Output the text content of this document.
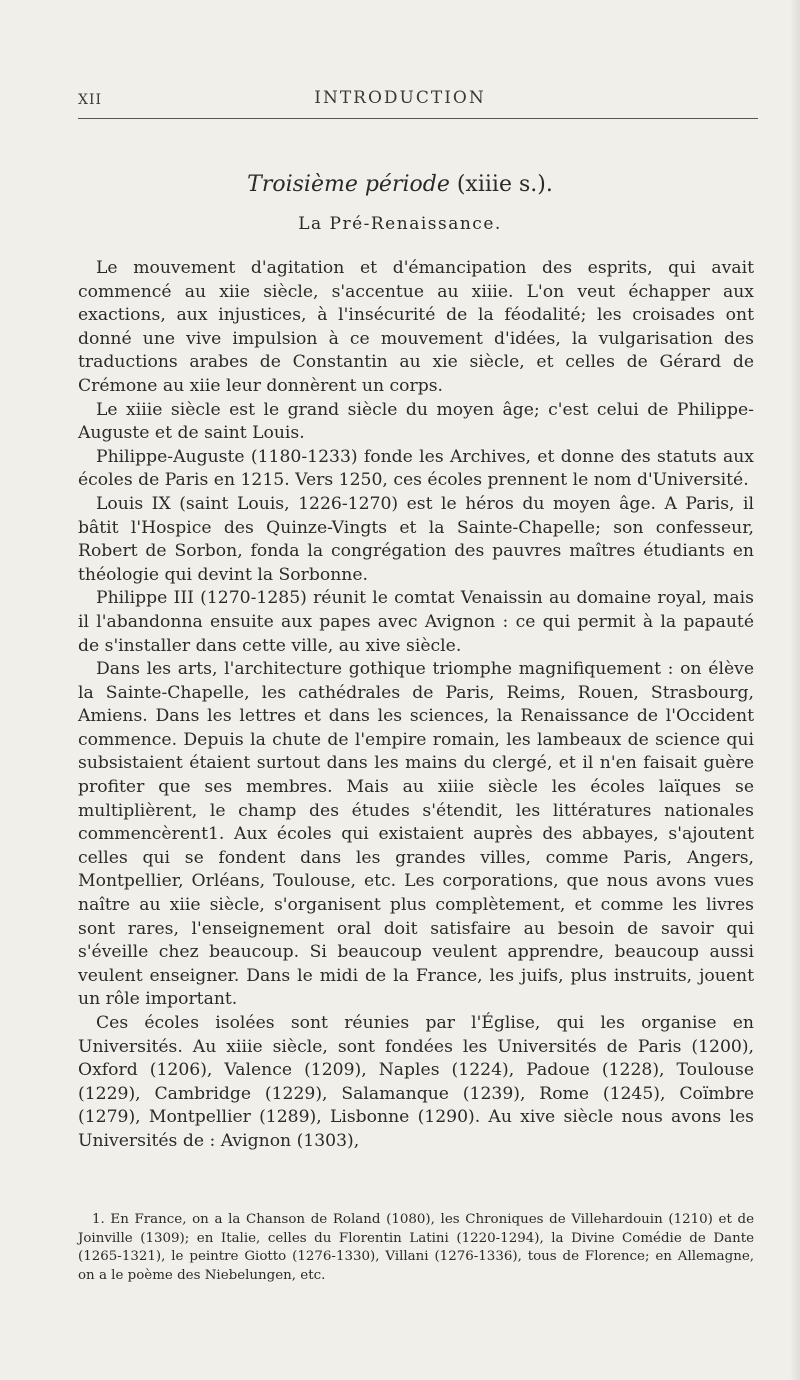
XII	INTRODUCTION
Troisième période (xiiie s.).
La Pré-Renaissance.

Le mouvement d'agitation et d'émancipation des esprits, qui avait commencé au xiie siècle, s'accentue au xiiie. L'on veut échapper aux exactions, aux injustices, à l'insécurité de la féodalité; les croisades ont donné une vive impulsion à ce mouvement d'idées, la vulgarisation des traductions arabes de Constantin au xie siècle, et celles de Gérard de Crémone au xiie leur donnèrent un corps.

Le xiiie siècle est le grand siècle du moyen âge; c'est celui de Philippe-Auguste et de saint Louis.

Philippe-Auguste (1180-1233) fonde les Archives, et donne des statuts aux écoles de Paris en 1215. Vers 1250, ces écoles prennent le nom d'Université.

Louis IX (saint Louis, 1226-1270) est le héros du moyen âge. A Paris, il bâtit l'Hospice des Quinze-Vingts et la Sainte-Chapelle; son confesseur, Robert de Sorbon, fonda la congrégation des pauvres maîtres étudiants en théologie qui devint la Sorbonne.

Philippe III (1270-1285) réunit le comtat Venaissin au domaine royal, mais il l'abandonna ensuite aux papes avec Avignon : ce qui permit à la papauté de s'installer dans cette ville, au xive siècle.

Dans les arts, l'architecture gothique triomphe magnifiquement : on élève la Sainte-Chapelle, les cathédrales de Paris, Reims, Rouen, Strasbourg, Amiens. Dans les lettres et dans les sciences, la Renaissance de l'Occident commence. Depuis la chute de l'empire romain, les lambeaux de science qui subsistaient étaient surtout dans les mains du clergé, et il n'en faisait guère profiter que ses membres. Mais au xiiie siècle les écoles laïques se multiplièrent, le champ des études s'étendit, les littératures nationales commencèrent1. Aux écoles qui existaient auprès des abbayes, s'ajoutent celles qui se fondent dans les grandes villes, comme Paris, Angers, Montpellier, Orléans, Toulouse, etc. Les corporations, que nous avons vues naître au xiie siècle, s'organisent plus complètement, et comme les livres sont rares, l'enseignement oral doit satisfaire au besoin de savoir qui s'éveille chez beaucoup. Si beaucoup veulent apprendre, beaucoup aussi veulent enseigner. Dans le midi de la France, les juifs, plus instruits, jouent un rôle important.

Ces écoles isolées sont réunies par l'Église, qui les organise en Universités. Au xiiie siècle, sont fondées les Universités de Paris (1200), Oxford (1206), Valence (1209), Naples (1224), Padoue (1228), Toulouse (1229), Cambridge (1229), Salamanque (1239), Rome (1245), Coïmbre (1279), Montpellier (1289), Lisbonne (1290). Au xive siècle nous avons les Universités de : Avignon (1303),

1. En France, on a la Chanson de Roland (1080), les Chroniques de Villehardouin (1210) et de Joinville (1309); en Italie, celles du Florentin Latini (1220-1294), la Divine Comédie de Dante (1265-1321), le peintre Giotto (1276-1330), Villani (1276-1336), tous de Florence; en Allemagne, on a le poème des Niebelungen, etc.
